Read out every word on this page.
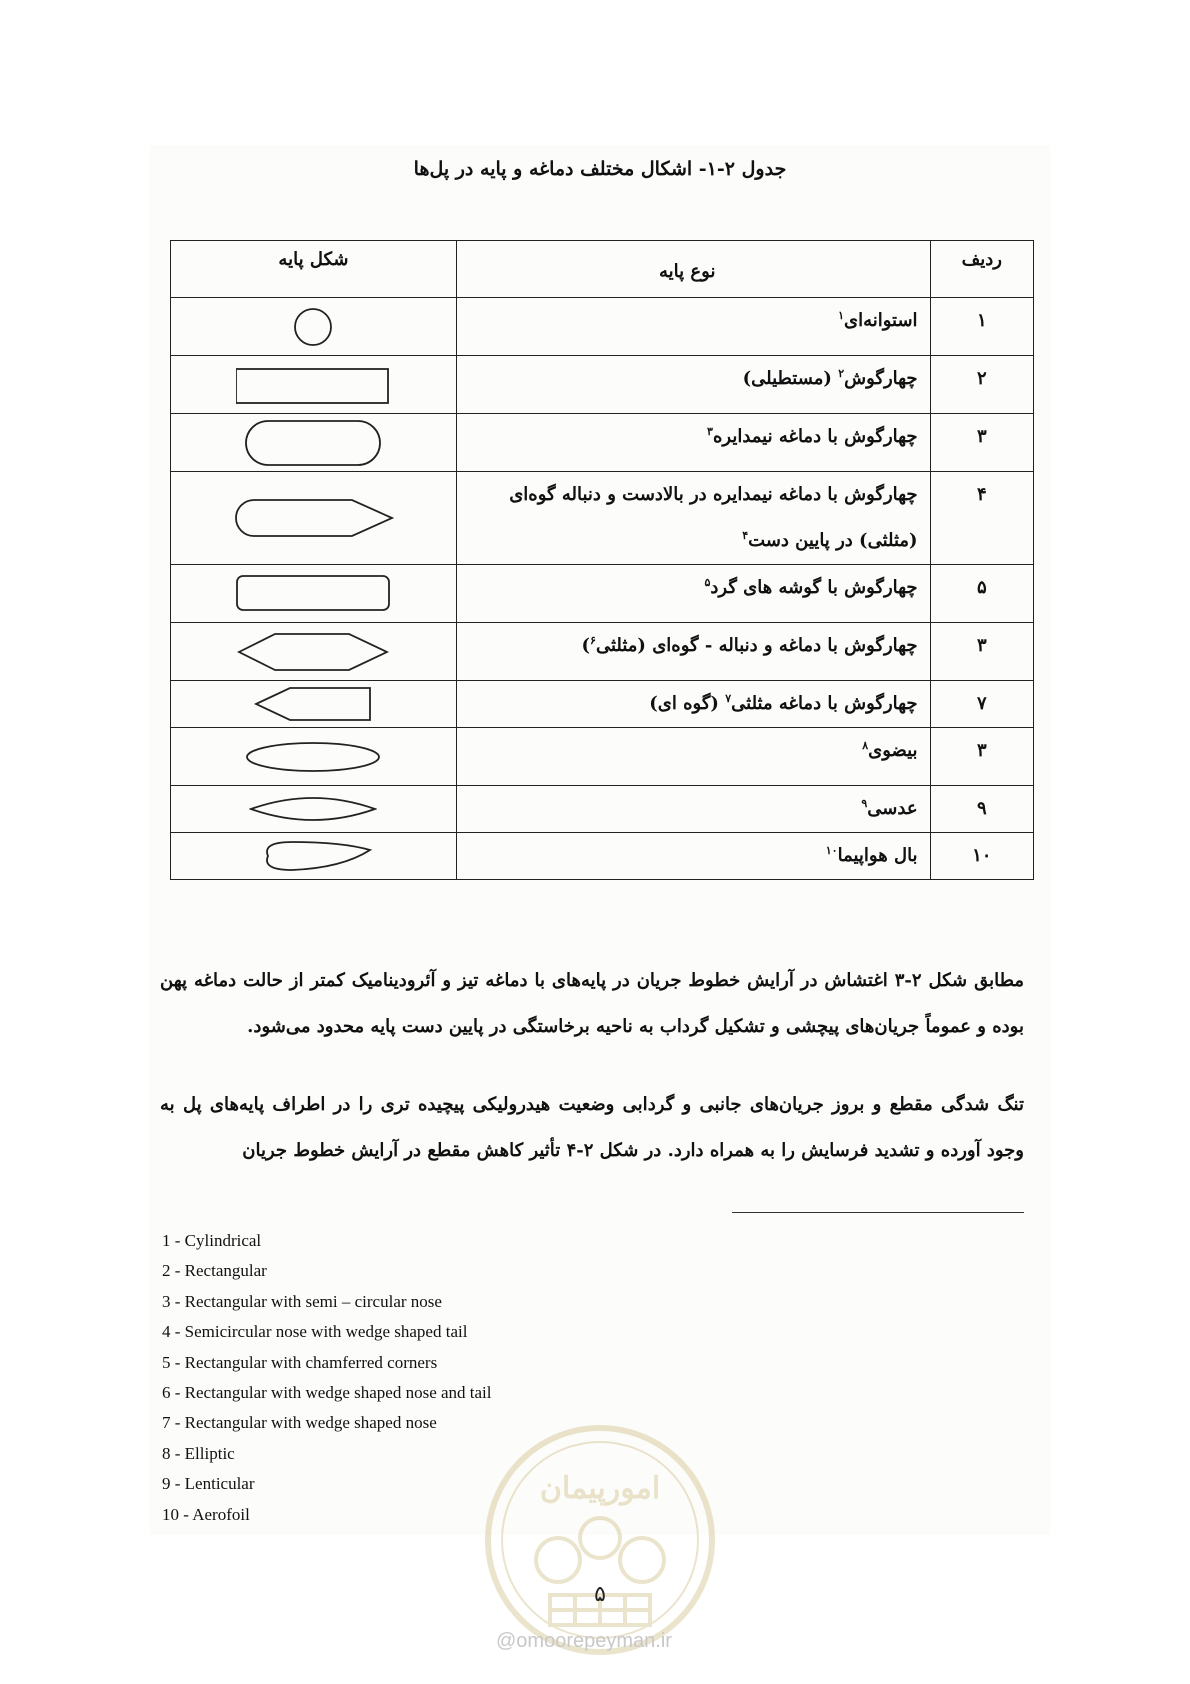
جدول ۲-۱- اشکال مختلف دماغه و پایه در پل‌ها
ردیف	نوع پایه	شکل پایه
۱	استوانه‌ای$^۱$	

۲	چهارگوش$^۲$ (مستطیلی)	

۳	چهارگوش با دماغه نیمدایره$^۳$	

۴	چهارگوش با دماغه نیمدایره در بالادست و دنباله گوه‌ای
(مثلثی) در پایین دست$^۴$	

۵	چهارگوش با گوشه های گرد$^۵$	

۳	چهارگوش با دماغه و دنباله - گوه‌ای (مثلثی$^۶$)	

۷	چهارگوش با دماغه مثلثی$^۷$ (گوه ای)	

۳	بیضوی$^۸$	

۹	عدسی$^۹$	

۱۰	بال هواپیما$^{۱۰}$	
مطابق شکل ۲-۳ اغتشاش در آرایش خطوط جریان در پایه‌های با دماغه تیز و آئرودینامیک کمتر از حالت دماغه پهن بوده و عموماً جریان‌های پیچشی و تشکیل گرداب به ناحیه برخاستگی در پایین دست پایه محدود می‌شود.
تنگ شدگی مقطع و بروز جریان‌های جانبی و گردابی وضعیت هیدرولیکی پیچیده تری را در اطراف پایه‌های پل به وجود آورده و تشدید فرسایش را به همراه دارد. در شکل ۲-۴ تأثیر کاهش مقطع در آرایش خطوط جریان
1 - Cylindrical
2 - Rectangular
3 - Rectangular with semi – circular nose
4 - Semicircular nose with wedge shaped tail
5 - Rectangular with chamferred corners
6 - Rectangular with wedge shaped nose and tail
7 - Rectangular with wedge shaped nose
8 - Elliptic
9 - Lenticular
10 - Aerofoil
امورپیمان
۵
@omoorepeyman.ir
